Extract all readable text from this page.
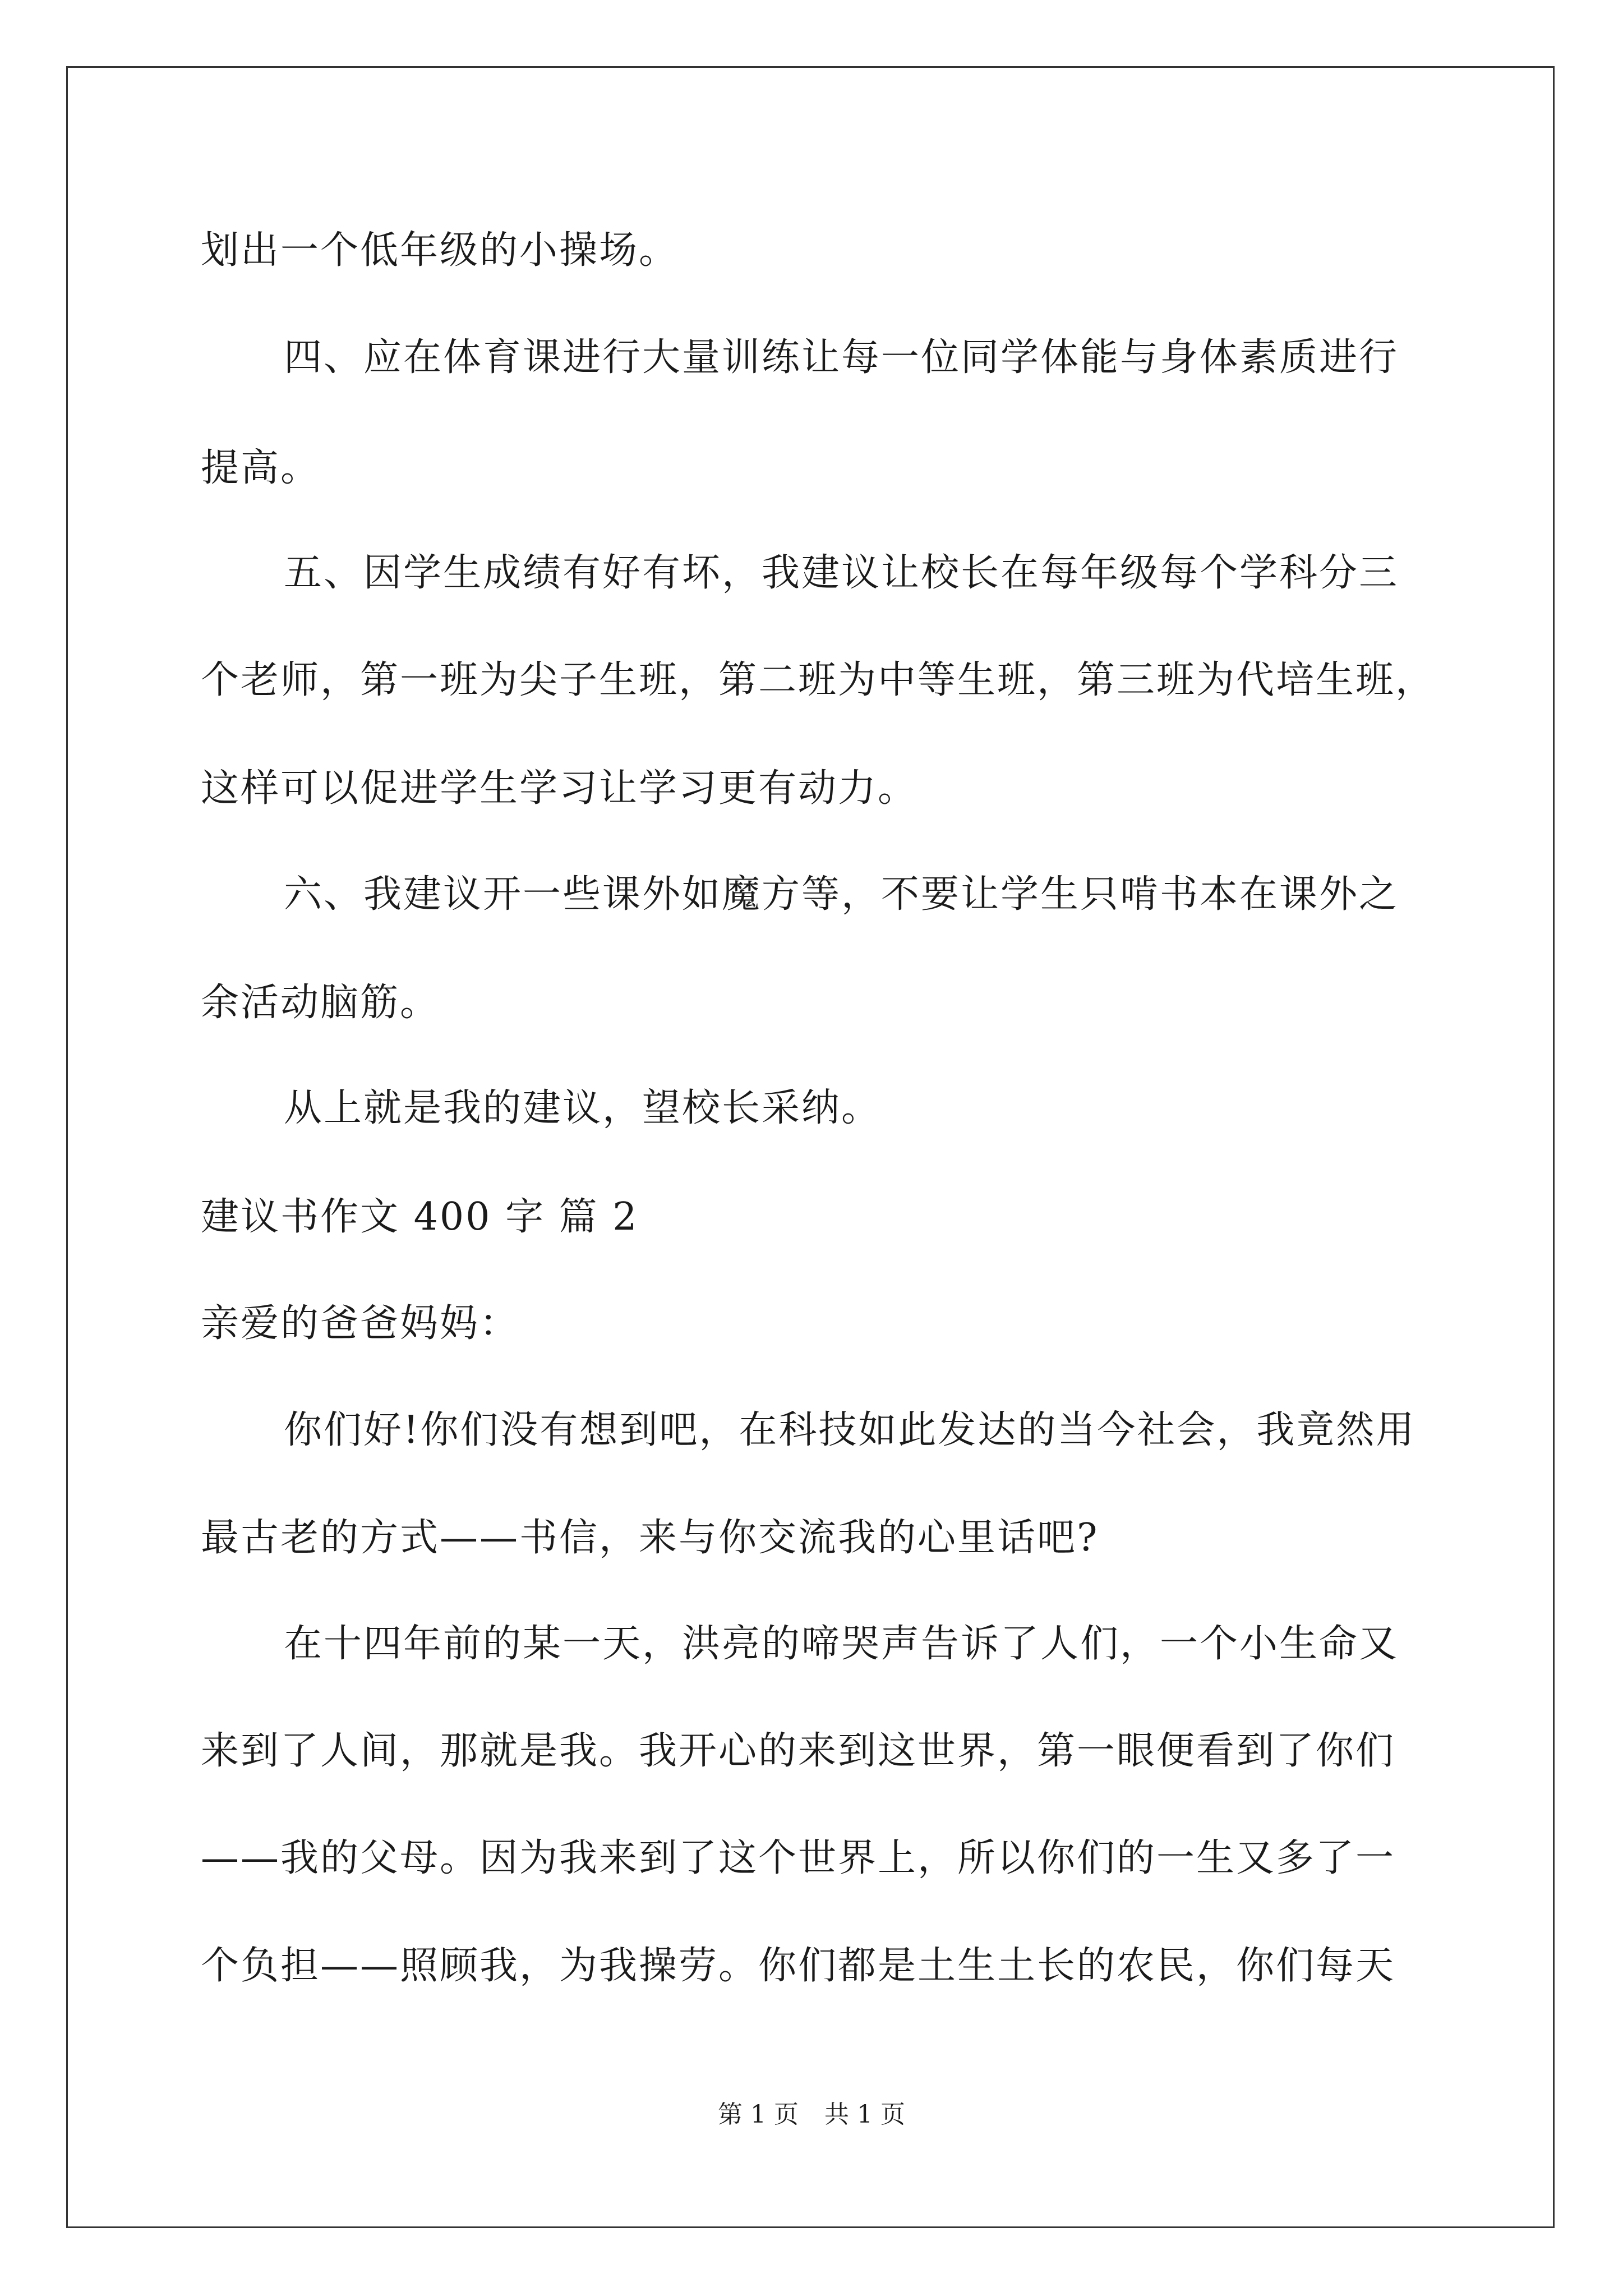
划出一个低年级的小操场。
四、应在体育课进行大量训练让每一位同学体能与身体素质进行
提高。
五、因学生成绩有好有坏，我建议让校长在每年级每个学科分三
个老师，第一班为尖子生班，第二班为中等生班，第三班为代培生班，
这样可以促进学生学习让学习更有动力。
六、我建议开一些课外如魔方等，不要让学生只啃书本在课外之
余活动脑筋。
从上就是我的建议，望校长采纳。
建议书作文 400 字 篇 2
亲爱的爸爸妈妈：
你们好!你们没有想到吧，在科技如此发达的当今社会，我竟然用
最古老的方式——书信，来与你交流我的心里话吧?
在十四年前的某一天，洪亮的啼哭声告诉了人们，一个小生命又
来到了人间，那就是我。我开心的来到这世界，第一眼便看到了你们
——我的父母。因为我来到了这个世界上，所以你们的一生又多了一
个负担——照顾我，为我操劳。你们都是土生土长的农民，你们每天
第 1 页 共 1 页
